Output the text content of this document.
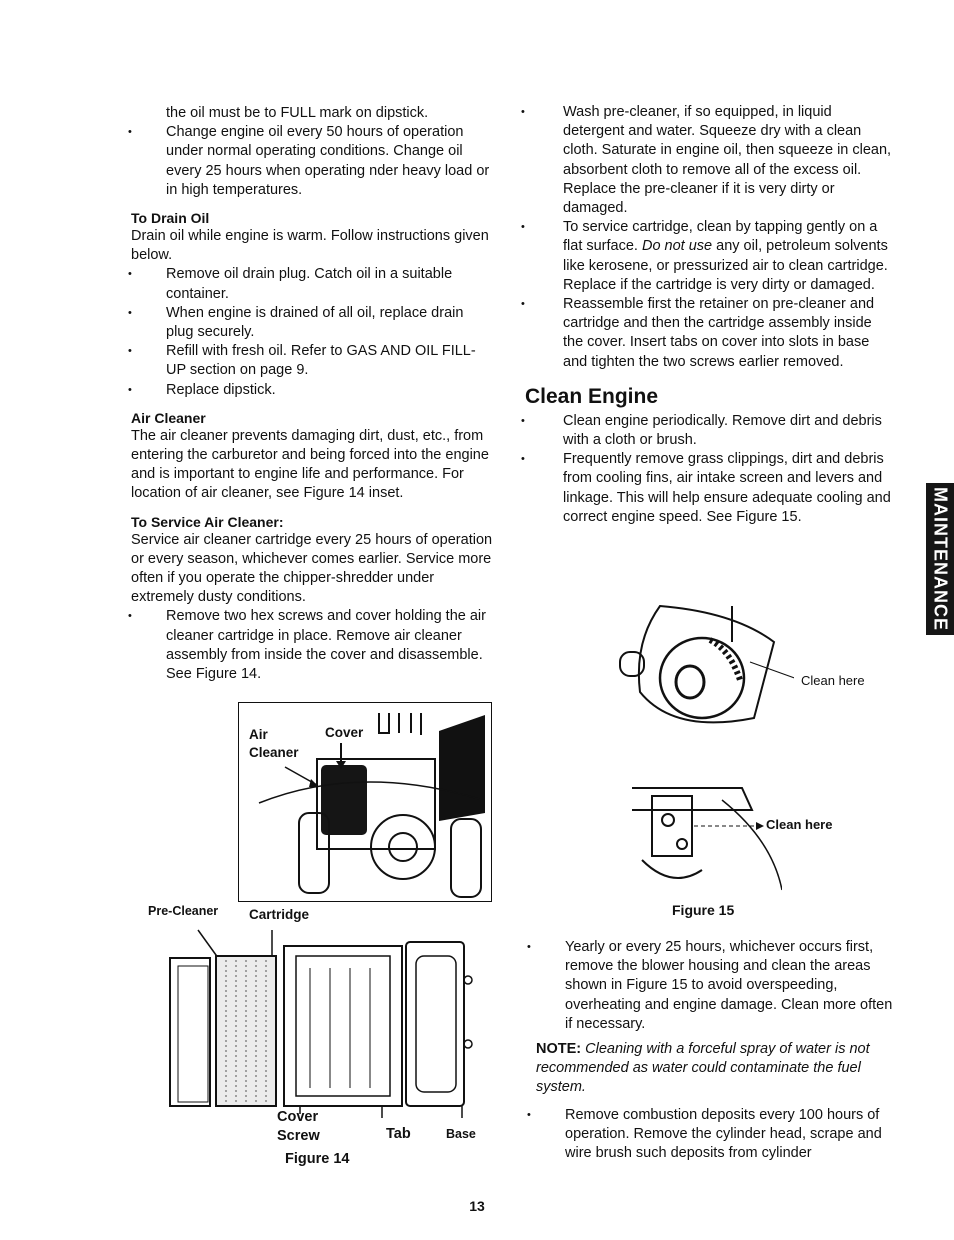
the oil must be to FULL mark on dipstick.

• Change engine oil every 50 hours of operation under normal operating conditions. Change oil every 25 hours when operating nder heavy load or in high temperatures.
To Drain Oil

Drain oil while engine is warm. Follow instructions given below.

• Remove oil drain plug. Catch oil in a suitable container.
• When engine is drained of all oil, replace drain plug securely.
• Refill with fresh oil. Refer to GAS AND OIL FILL-UP section on page 9.
• Replace dipstick.
Air Cleaner

The air cleaner prevents damaging dirt, dust, etc., from entering the carburetor and being forced into the engine and is important to engine life and performance. For location of air cleaner, see Figure 14 inset.

To Service Air Cleaner:

Service air cleaner cartridge every 25 hours of operation or every season, whichever comes earlier. Service more often if you operate the chipper-shredder under extremely dusty conditions.

• Remove two hex screws and cover holding the air cleaner cartridge in place. Remove air cleaner assembly from inside the cover and disassemble. See Figure 14.
Air
Cleaner
Cover
Pre-Cleaner Cartridge
Cover
Screw	Tab	Base
Figure 14
• Wash pre-cleaner, if so equipped, in liquid detergent and water. Squeeze dry with a clean cloth. Saturate in engine oil, then squeeze in clean, absorbent cloth to remove all of the excess oil. Replace the pre-cleaner if it is very dirty or damaged.
• To service cartridge, clean by tapping gently on a flat surface. Do not use any oil, petroleum solvents like kerosene, or pressurized air to clean cartridge. Replace if the cartridge is very dirty or damaged.
• Reassemble first the retainer on pre-cleaner and cartridge and then the cartridge assembly inside the cover. Insert tabs on cover into slots in base and tighten the two screws earlier removed.
Clean Engine
• Clean engine periodically. Remove dirt and debris with a cloth or brush.
• Frequently remove grass clippings, dirt and debris from cooling fins, air intake screen and levers and linkage. This will help ensure adequate cooling and correct engine speed. See Figure 15.
Clean here
Clean here
Figure 15
• Yearly or every 25 hours, whichever occurs first, remove the blower housing and clean the areas shown in Figure 15 to avoid overspeeding, overheating and engine damage. Clean more often if necessary.

NOTE: Cleaning with a forceful spray of water is not recommended as water could contaminate the fuel system.

• Remove combustion deposits every 100 hours of operation. Remove the cylinder head, scrape and wire brush such deposits from cylinder
MAINTENANCE
13
